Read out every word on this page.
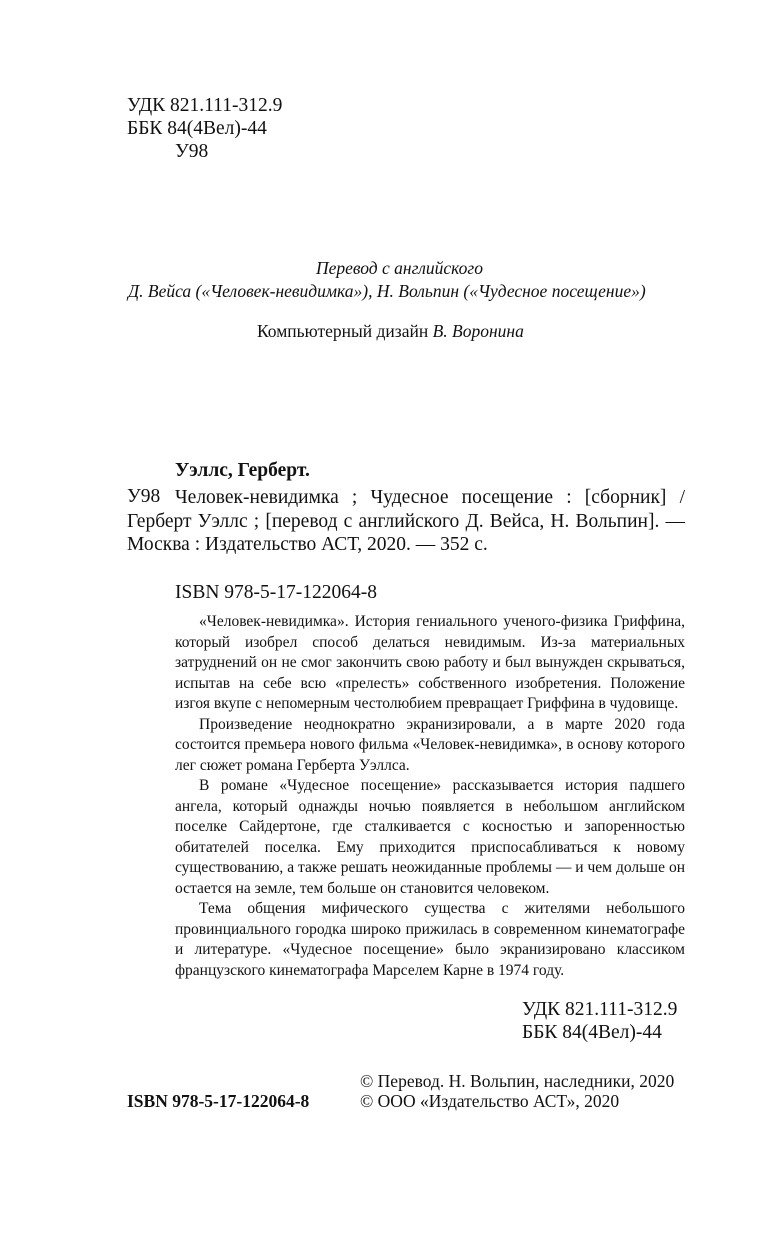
УДК 821.111-312.9
ББК 84(4Вел)-44
У98
Перевод с английского
Д. Вейса («Человек-невидимка»), Н. Вольпин («Чудесное посещение»)
Компьютерный дизайн В. Воронина
Уэллс, Герберт.
У98 Человек-невидимка ; Чудесное посещение : [сборник] / Герберт Уэллс ; [перевод с английского Д. Вейса, Н. Вольпин]. — Москва : Издательство АСТ, 2020. — 352 с.
ISBN 978-5-17-122064-8

«Человек-невидимка». История гениального ученого-физика Гриффина, который изобрел способ делаться невидимым. Из-за материальных затруднений он не смог закончить свою работу и был вынужден скрываться, испытав на себе всю «прелесть» собственного изобретения. Положение изгоя вкупе с непомерным честолюбием превращает Гриффина в чудовище.

Произведение неоднократно экранизировали, а в марте 2020 года состоится премьера нового фильма «Человек-невидимка», в основу которого лег сюжет романа Герберта Уэллса.

В романе «Чудесное посещение» рассказывается история падшего ангела, который однажды ночью появляется в небольшом английском поселке Сайдертоне, где сталкивается с косностью и запоренностью обитателей поселка. Ему приходится приспосабливаться к новому существованию, а также решать неожиданные проблемы — и чем дольше он остается на земле, тем больше он становится человеком.

Тема общения мифического существа с жителями небольшого провинциального городка широко прижилась в современном кинематографе и литературе. «Чудесное посещение» было экранизировано классиком французского кинематографа Марселем Карне в 1974 году.

УДК 821.111-312.9
ББК 84(4Вел)-44
ISBN 978-5-17-122064-8
© Перевод. Н. Вольпин, наследники, 2020
© ООО «Издательство АСТ», 2020
